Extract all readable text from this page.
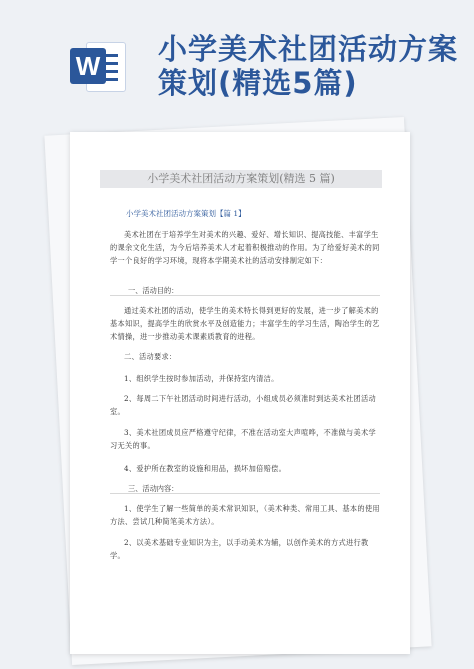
W 小学美术社团活动方案策划(精选5篇)
小学美术社团活动方案策划(精选 5 篇)
小学美术社团活动方案策划【篇 1】
美术社团在于培养学生对美术的兴趣、爱好、增长知识、提高技能、丰富学生的课余文化生活，为今后培养美术人才起着积极推动的作用。为了给爱好美术的同学一个良好的学习环境，现将本学期美术社的活动安排制定如下：
一、活动目的：
通过美术社团的活动，使学生的美术特长得到更好的发展，进一步了解美术的基本知识，提高学生的欣赏水平及创造能力；丰富学生的学习生活，陶冶学生的艺术情操，进一步推动美术课素质教育的进程。
二、活动要求：
1、组织学生按时参加活动，并保持室内清洁。
2、每周二下午社团活动时间进行活动，小组成员必须准时到达美术社团活动室。
3、美术社团成员应严格遵守纪律，不准在活动室大声喧哗，不准做与美术学习无关的事。
4、爱护所在教室的设施和用品，损坏加倍赔偿。
三、活动内容：
1、使学生了解一些简单的美术常识知识，（美术种类、常用工具、基本的使用方法、尝试几种简笔美术方法）。
2、以美术基础专业知识为主，以手动美术为辅，以创作美术的方式进行教学。
